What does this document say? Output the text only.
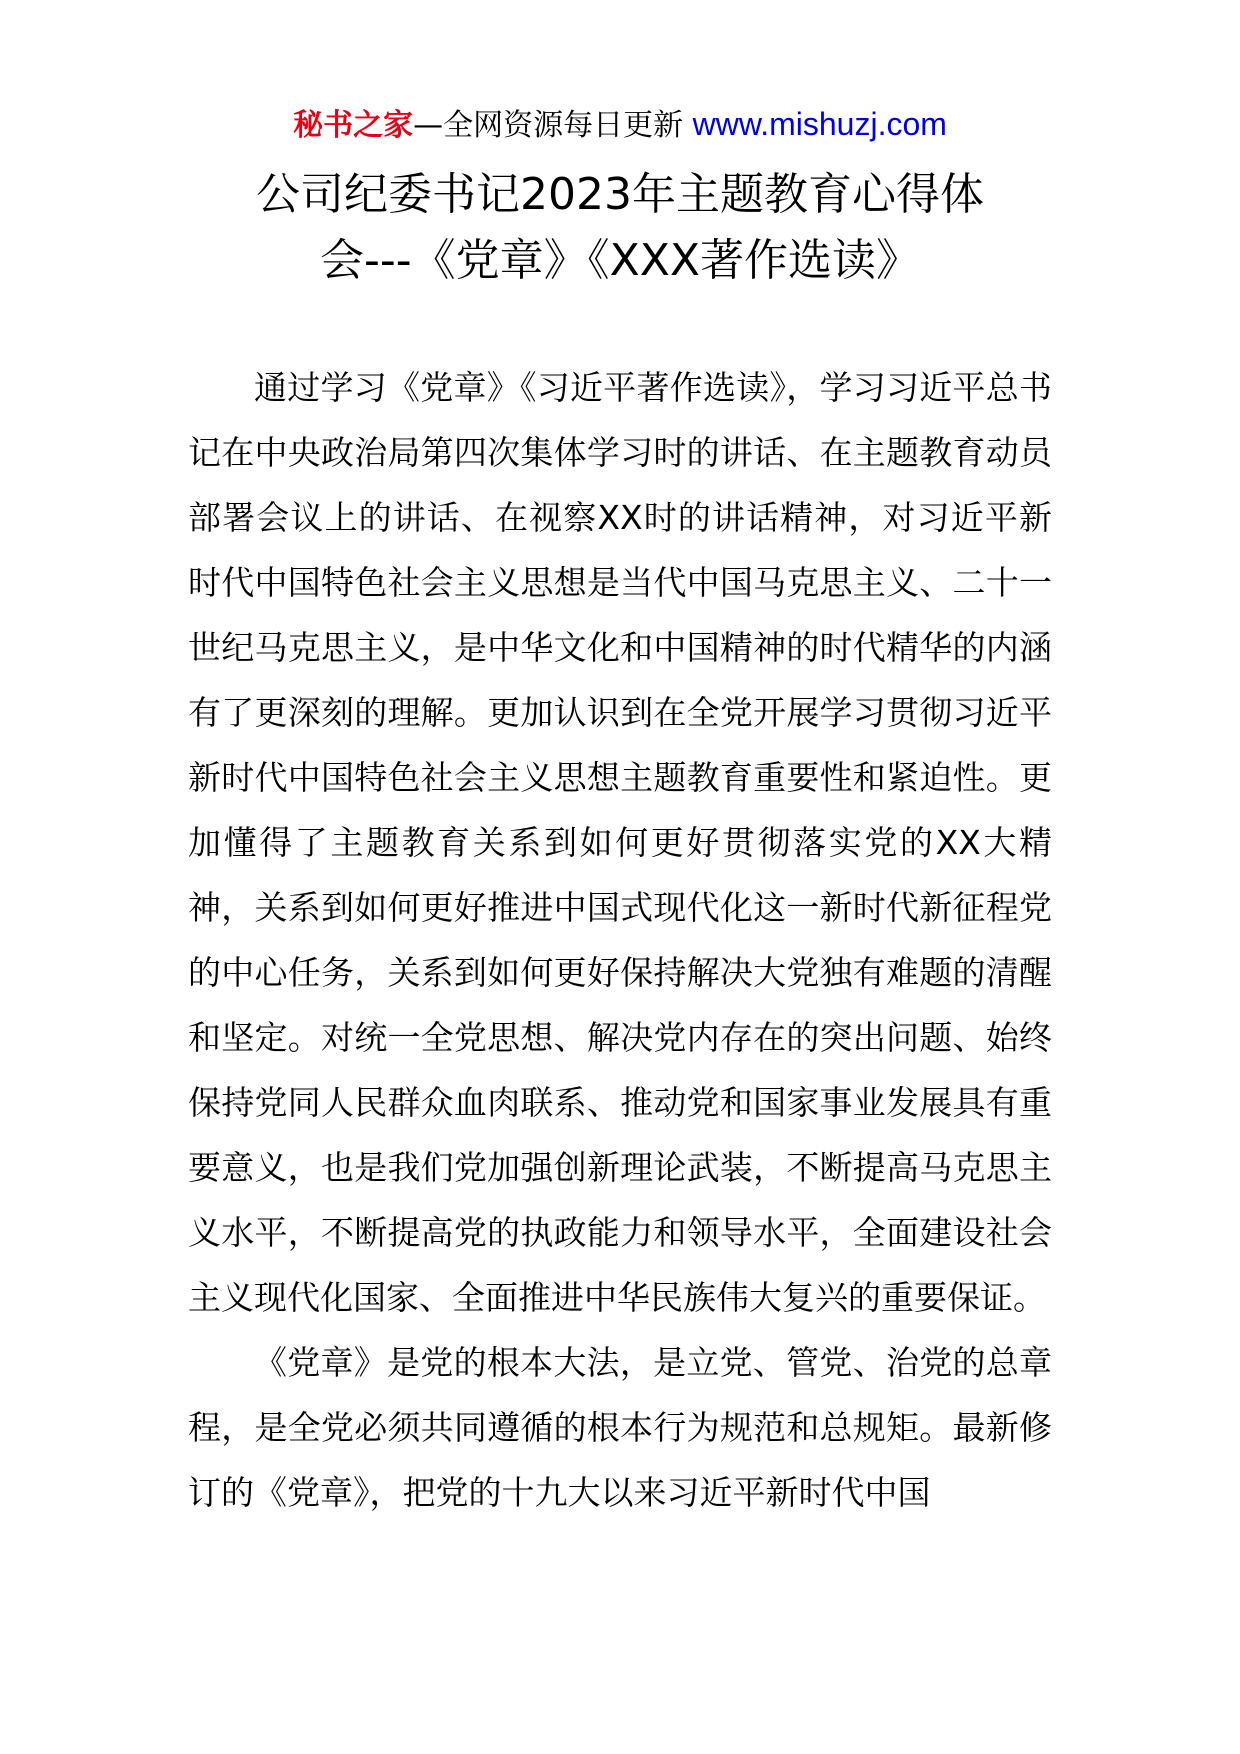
秘书之家—全网资源每日更新 www.mishuzj.com
公司纪委书记2023年主题教育心得体
会---《党章》《XXX著作选读》

通过学习《党章》《习近平著作选读》，学习习近平总书记在中央政治局第四次集体学习时的讲话、在主题教育动员部署会议上的讲话、在视察XX时的讲话精神，对习近平新时代中国特色社会主义思想是当代中国马克思主义、二十一世纪马克思主义，是中华文化和中国精神的时代精华的内涵有了更深刻的理解。更加认识到在全党开展学习贯彻习近平新时代中国特色社会主义思想主题教育重要性和紧迫性。更加懂得了主题教育关系到如何更好贯彻落实党的XX大精神，关系到如何更好推进中国式现代化这一新时代新征程党的中心任务，关系到如何更好保持解决大党独有难题的清醒和坚定。对统一全党思想、解决党内存在的突出问题、始终保持党同人民群众血肉联系、推动党和国家事业发展具有重要意义，也是我们党加强创新理论武装，不断提高马克思主义水平，不断提高党的执政能力和领导水平，全面建设社会主义现代化国家、全面推进中华民族伟大复兴的重要保证。

《党章》是党的根本大法，是立党、管党、治党的总章程，是全党必须共同遵循的根本行为规范和总规矩。最新修订的《党章》，把党的十九大以来习近平新时代中国
